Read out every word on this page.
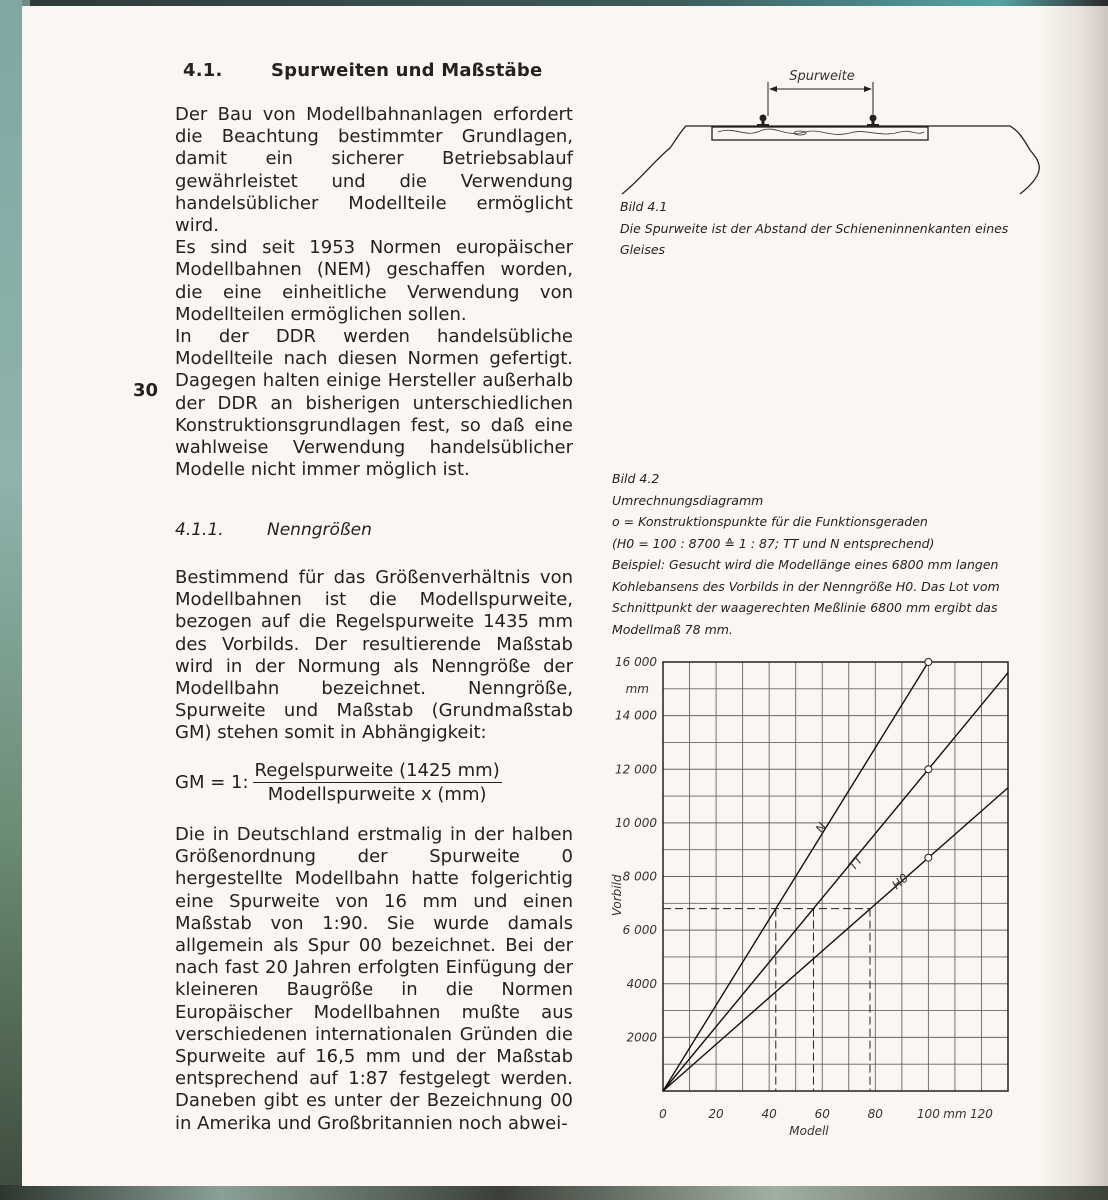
4.1.	Spurweiten und Maßstäbe

Der Bau von Modellbahnanlagen erfordert die Beachtung bestimmter Grundlagen, damit ein sicherer Betriebsablauf gewährleistet und die Verwendung handelsüblicher Modellteile ermöglicht wird.

Es sind seit 1953 Normen europäischer Modellbahnen (NEM) geschaffen worden, die eine einheitliche Verwendung von Modellteilen ermöglichen sollen.

In der DDR werden handelsübliche Modellteile nach diesen Normen gefertigt. Dagegen halten einige Hersteller außerhalb der DDR an bisherigen unterschiedlichen Konstruktionsgrundlagen fest, so daß eine wahlweise Verwendung handelsüblicher Modelle nicht immer möglich ist.

30
4.1.1.	Nenngrößen

Bestimmend für das Größenverhältnis von Modellbahnen ist die Modellspurweite, bezogen auf die Regelspurweite 1435 mm des Vorbilds. Der resultierende Maßstab wird in der Normung als Nenngröße der Modellbahn bezeichnet. Nenngröße, Spurweite und Maßstab (Grundmaßstab GM) stehen somit in Abhängigkeit:

GM = 1: $\frac{\text{Regelspurweite (1425 mm)}}{\text{Modellspurweite x (mm)}}$

Die in Deutschland erstmalig in der halben Größenordnung der Spurweite 0 hergestellte Modellbahn hatte folgerichtig eine Spurweite von 16 mm und einen Maßstab von 1:90. Sie wurde damals allgemein als Spur 00 bezeichnet. Bei der nach fast 20 Jahren erfolgten Einfügung der kleineren Baugröße in die Normen Europäischer Modellbahnen mußte aus verschiedenen internationalen Gründen die Spurweite auf 16,5 mm und der Maßstab entsprechend auf 1:87 festgelegt werden. Daneben gibt es unter der Bezeichnung 00 in Amerika und Großbritannien noch abwei-

Spurweite
Bild 4.1
Die Spurweite ist der Abstand der Schieneninnenkanten eines Gleises
Bild 4.2
Umrechnungsdiagramm
o = Konstruktionspunkte für die Funktionsgeraden
(H0 = 100 : 8700 ≙ 1 : 87; TT und N entsprechend)
Beispiel: Gesucht wird die Modellänge eines 6800 mm langen
Kohlebansens des Vorbilds in der Nenngröße H0. Das Lot vom
Schnittpunkt der waagerechten Meßlinie 6800 mm ergibt das
Modellmaß 78 mm.
0	20	40	60	80	100	120
2000
4000
6 000
8 000
10 000
12 000
14 000
16 000
mm
mm
Modell
Vorbild
N
TT
H0
